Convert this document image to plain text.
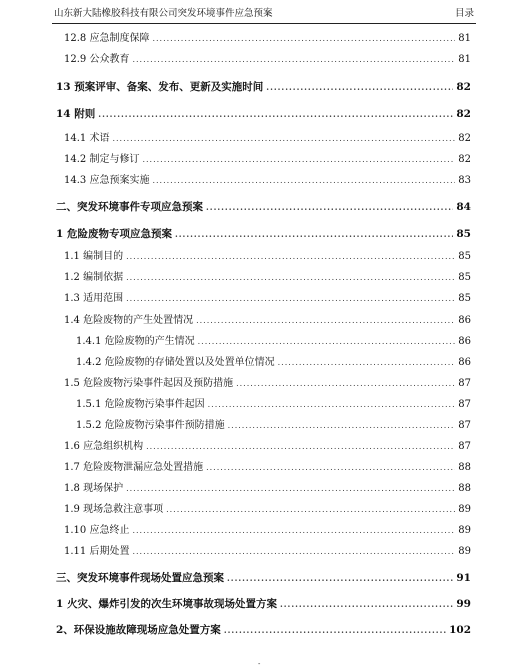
山东新大陆橡胶科技有限公司突发环境事件应急预案	目录
12.8 应急制度保障 .....	81
12.9 公众教育 .....	81
13 预案评审、备案、发布、更新及实施时间 .....	82
14 附则 .....	82
14.1 术语 .....	82
14.2 制定与修订 .....	82
14.3 应急预案实施 .....	83
二、突发环境事件专项应急预案 .....	84
1 危险废物专项应急预案 .....	85
1.1 编制目的 .....	85
1.2 编制依据 .....	85
1.3 适用范围 .....	85
1.4 危险废物的产生处置情况 .....	86
1.4.1 危险废物的产生情况 .....	86
1.4.2 危险废物的存储处置以及处置单位情况 .....	86
1.5 危险废物污染事件起因及预防措施 .....	87
1.5.1 危险废物污染事件起因 .....	87
1.5.2 危险废物污染事件预防措施 .....	87
1.6 应急组织机构 .....	87
1.7 危险废物泄漏应急处置措施 .....	88
1.8 现场保护 .....	88
1.9 现场急救注意事项 .....	89
1.10 应急终止 .....	89
1.11 后期处置 .....	89
三、突发环境事件现场处置应急预案 .....	91
1 火灾、爆炸引发的次生环境事故现场处置方案 .....	99
2、环保设施故障现场应急处置方案 .....	102
-
